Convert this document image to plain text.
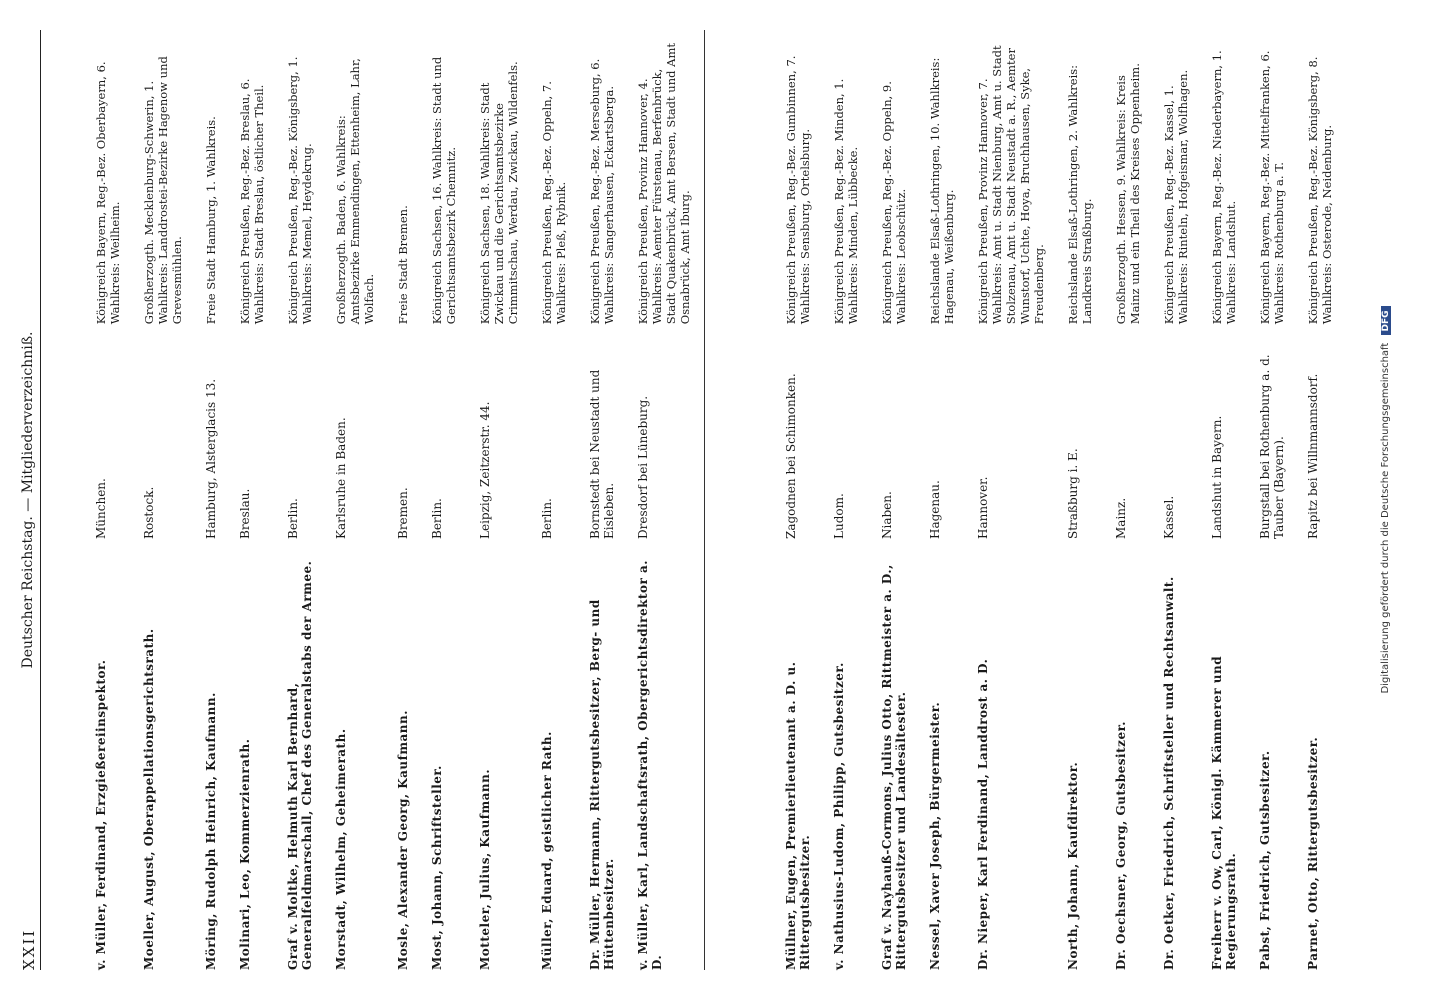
XXII
Deutscher Reichstag. — Mitgliederverzeichniß.
v. Müller, Ferdinand, Erzgießereiinspektor.
München.
Königreich Bayern, Reg.-Bez. Oberbayern, 6. Wahlkreis: Weilheim.
Moeller, August, Oberappellationsgerichtsrath.
Rostock.
Großherzogth. Mecklenburg-Schwerin, 1. Wahlkreis: Landdrostei-Bezirke Hagenow und Grevesmühlen.
Möring, Rudolph Heinrich, Kaufmann.
Hamburg, Alsterglacis 13.
Freie Stadt Hamburg, 1. Wahlkreis.
Molinari, Leo, Kommerzienrath.
Breslau.
Königreich Preußen, Reg.-Bez. Breslau, 6. Wahlkreis: Stadt Breslau, östlicher Theil.
Graf v. Moltke, Helmuth Karl Bernhard, Generalfeldmarschall, Chef des Generalstabs der Armee.
Berlin.
Königreich Preußen, Reg.-Bez. Königsberg, 1. Wahlkreis: Memel, Heydekrug.
Morstadt, Wilhelm, Geheimerath.
Karlsruhe in Baden.
Großherzogth. Baden, 6. Wahlkreis: Amtsbezirke Emmendingen, Ettenheim, Lahr, Wolfach.
Mosle, Alexander Georg, Kaufmann.
Bremen.
Freie Stadt Bremen.
Most, Johann, Schriftsteller.
Berlin.
Königreich Sachsen, 16. Wahlkreis: Stadt und Gerichtsamtsbezirk Chemnitz.
Motteler, Julius, Kaufmann.
Leipzig, Zeitzerstr. 44.
Königreich Sachsen, 18. Wahlkreis: Stadt Zwickau und die Gerichtsamtsbezirke Crimmitschau, Werdau, Zwickau, Wildenfels.
Müller, Eduard, geistlicher Rath.
Berlin.
Königreich Preußen, Reg.-Bez. Oppeln, 7. Wahlkreis: Pleß, Rybnik.
Dr. Müller, Hermann, Rittergutsbesitzer, Berg- und Hüttenbesitzer.
Bornstedt bei Neustadt und Eisleben.
Königreich Preußen, Reg.-Bez. Merseburg, 6. Wahlkreis: Sangerhausen, Eckartsberga.
v. Müller, Karl, Landschaftsrath, Obergerichtsdirektor a. D.
Dresdorf bei Lüneburg.
Königreich Preußen, Provinz Hannover, 4. Wahlkreis: Aemter Fürstenau, Berfenbrück, Stadt Quakenbrück, Amt Bersen, Stadt und Amt Osnabrück, Amt Iburg.
Müllner, Eugen, Premierlieutenant a. D. u. Rittergutsbesitzer.
Zagodnen bei Schimonken.
Königreich Preußen, Reg.-Bez. Gumbinnen, 7. Wahlkreis: Sensburg, Ortelsburg.
v. Nathusius-Ludom, Philipp, Gutsbesitzer.
Ludom.
Königreich Preußen, Reg.-Bez. Minden, 1. Wahlkreis: Minden, Lübbecke.
Graf v. Nayhauß-Cormons, Julius Otto, Rittmeister a. D., Rittergutsbesitzer und Landesältester.
Niaben.
Königreich Preußen, Reg.-Bez. Oppeln, 9. Wahlkreis: Leobschütz.
Nessel, Xaver Joseph, Bürgermeister.
Hagenau.
Reichslande Elsaß-Lothringen, 10. Wahlkreis: Hagenau, Weißenburg.
Dr. Nieper, Karl Ferdinand, Landdrost a. D.
Hannover.
Königreich Preußen, Provinz Hannover, 7. Wahlkreis: Amt u. Stadt Nienburg, Amt u. Stadt Stolzenau, Amt u. Stadt Neustadt a. R., Aemter Wunstorf, Uchte, Hoya, Bruchhausen, Syke, Freudenberg.
North, Johann, Kaufdirektor.
Straßburg i. E.
Reichslande Elsaß-Lothringen, 2. Wahlkreis: Landkreis Straßburg.
Dr. Oechsner, Georg, Gutsbesitzer.
Mainz.
Großherzogth. Hessen, 9. Wahlkreis: Kreis Mainz und ein Theil des Kreises Oppenheim.
Dr. Oetker, Friedrich, Schriftsteller und Rechtsanwalt.
Kassel.
Königreich Preußen, Reg.-Bez. Kassel, 1. Wahlkreis: Rinteln, Hofgeismar, Wolfhagen.
Freiherr v. Ow, Carl, Königl. Kämmerer und Regierungsrath.
Landshut in Bayern.
Königreich Bayern, Reg.-Bez. Niederbayern, 1. Wahlkreis: Landshut.
Pabst, Friedrich, Gutsbesitzer.
Burgstall bei Rothenburg a. d. Tauber (Bayern).
Königreich Bayern, Reg.-Bez. Mittelfranken, 6. Wahlkreis: Rothenburg a. T.
Parnet, Otto, Rittergutsbesitzer.
Rapitz bei Willnmannsdorf.
Königreich Preußen, Reg.-Bez. Königsberg, 8. Wahlkreis: Osterode, Neidenburg.
Digitalisierung gefördert durch die Deutsche Forschungsgemeinschaft DFG
